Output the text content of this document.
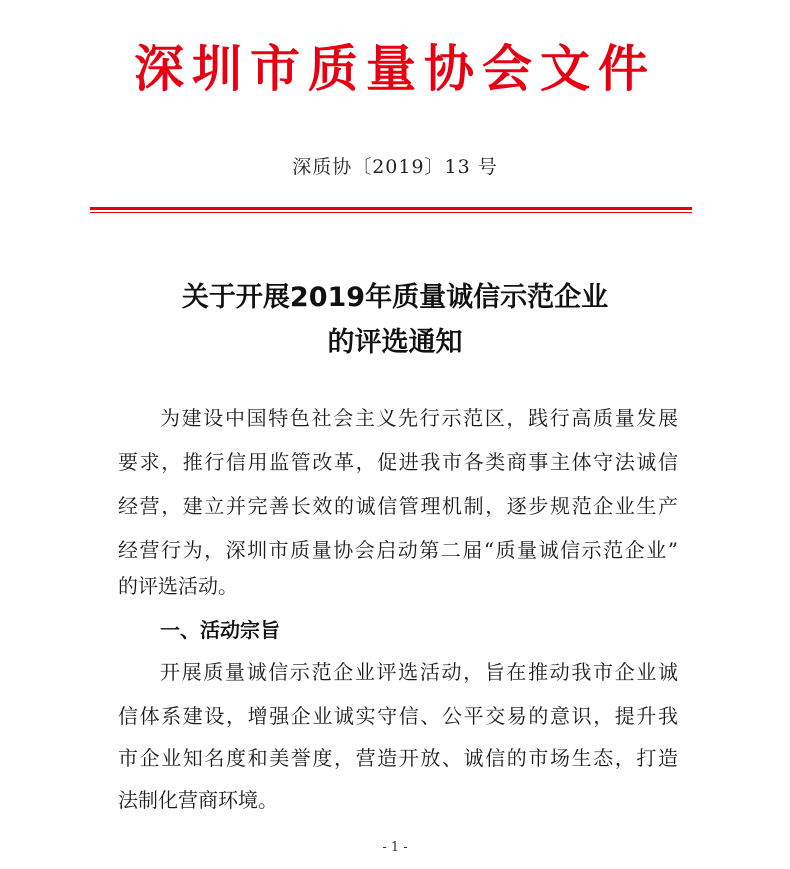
深圳市质量协会文件
深质协〔2019〕13 号
关于开展2019年质量诚信示范企业
的评选通知
为建设中国特色社会主义先行示范区，践行高质量发展
要求，推行信用监管改革，促进我市各类商事主体守法诚信
经营，建立并完善长效的诚信管理机制，逐步规范企业生产
经营行为，深圳市质量协会启动第二届“质量诚信示范企业”
的评选活动。
一、活动宗旨
开展质量诚信示范企业评选活动，旨在推动我市企业诚
信体系建设，增强企业诚实守信、公平交易的意识，提升我
市企业知名度和美誉度，营造开放、诚信的市场生态，打造
法制化营商环境。
- 1 -
